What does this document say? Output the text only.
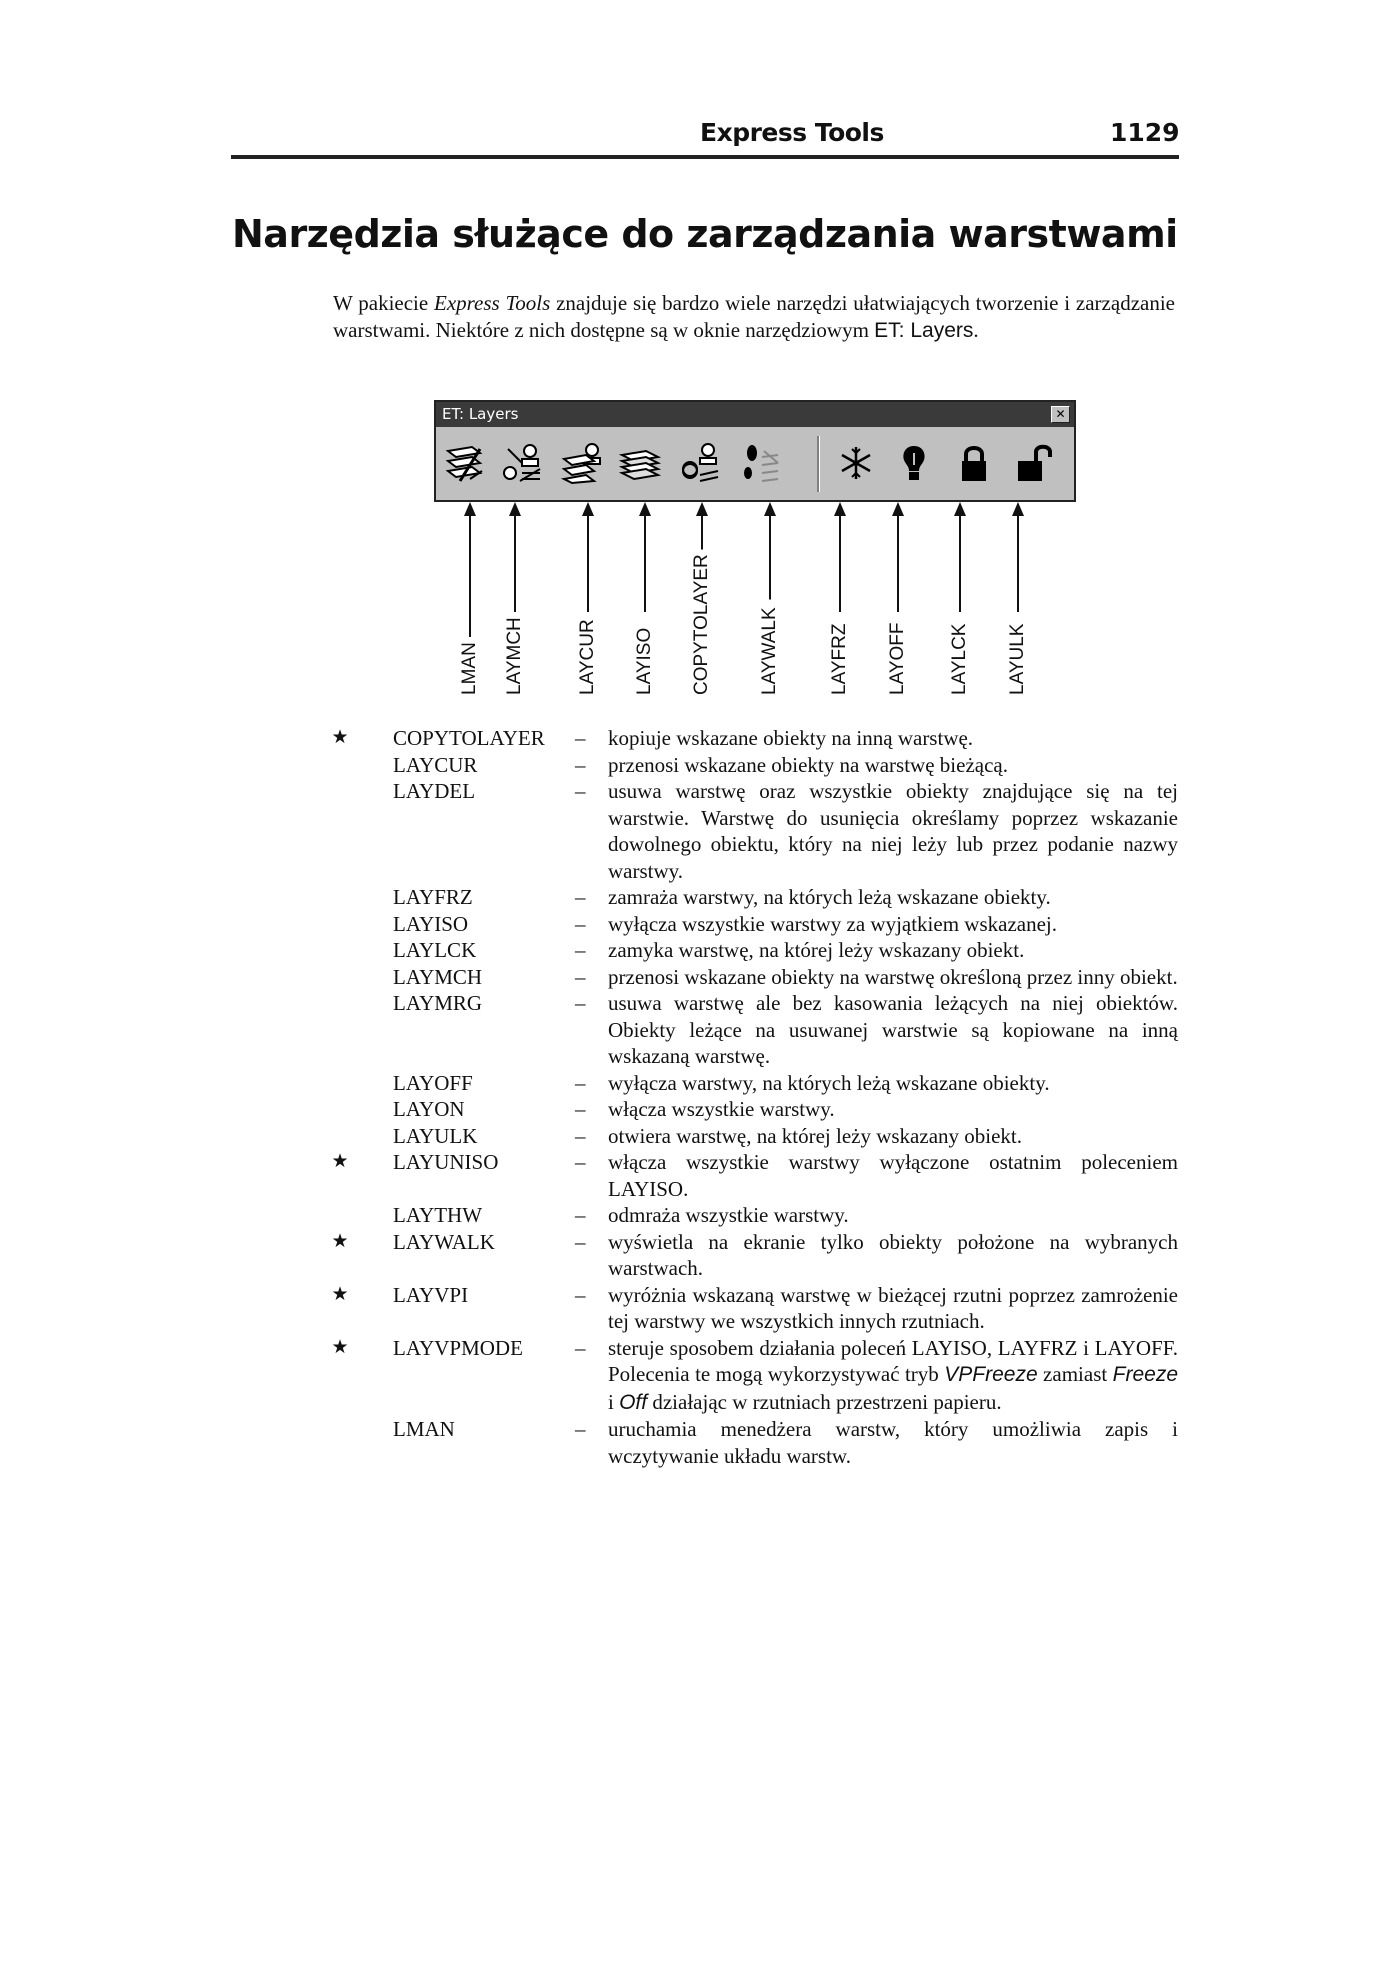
Express Tools	1129
Narzędzia służące do zarządzania warstwami

W pakiecie Express Tools znajduje się bardzo wiele narzędzi ułatwiających tworzenie i zarządzanie warstwami. Niektóre z nich dostępne są w oknie narzędziowym ET: Layers.

ET: Layers	✕
LMAN LAYMCH	LAYCUR LAYISO COPYTOLAYER LAYWALK	LAYFRZ LAYOFF LAYLCK LAYULK
★ COPYTOLAYER	–	kopiuje wskazane obiekty na inną warstwę.
LAYCUR	–	przenosi wskazane obiekty na warstwę bieżącą.
LAYDEL	–	usuwa warstwę oraz wszystkie obiekty znajdujące się na tej warstwie. Warstwę do usunięcia określamy poprzez wskazanie dowolnego obiektu, który na niej leży lub przez podanie nazwy warstwy.
LAYFRZ	–	zamraża warstwy, na których leżą wskazane obiekty.
LAYISO	–	wyłącza wszystkie warstwy za wyjątkiem wskazanej.
LAYLCK	–	zamyka warstwę, na której leży wskazany obiekt.
LAYMCH	–	przenosi wskazane obiekty na warstwę określoną przez inny obiekt.
LAYMRG	–	usuwa warstwę ale bez kasowania leżących na niej obiektów. Obiekty leżące na usuwanej warstwie są kopiowane na inną wskazaną warstwę.
LAYOFF	–	wyłącza warstwy, na których leżą wskazane obiekty.
LAYON	–	włącza wszystkie warstwy.
LAYULK	–	otwiera warstwę, na której leży wskazany obiekt.
★ LAYUNISO	–	włącza wszystkie warstwy wyłączone ostatnim poleceniem LAYISO.
LAYTHW	–	odmraża wszystkie warstwy.
★ LAYWALK	–	wyświetla na ekranie tylko obiekty położone na wybranych warstwach.
★ LAYVPI	–	wyróżnia wskazaną warstwę w bieżącej rzutni poprzez zamrożenie tej warstwy we wszystkich innych rzutniach.
★ LAYVPMODE	–	steruje sposobem działania poleceń LAYISO, LAYFRZ i LAYOFF. Polecenia te mogą wykorzystywać tryb VPFreeze zamiast Freeze i Off działając w rzutniach przestrzeni papieru.
LMAN	–	uruchamia menedżera warstw, który umożliwia zapis i wczytywanie układu warstw.
